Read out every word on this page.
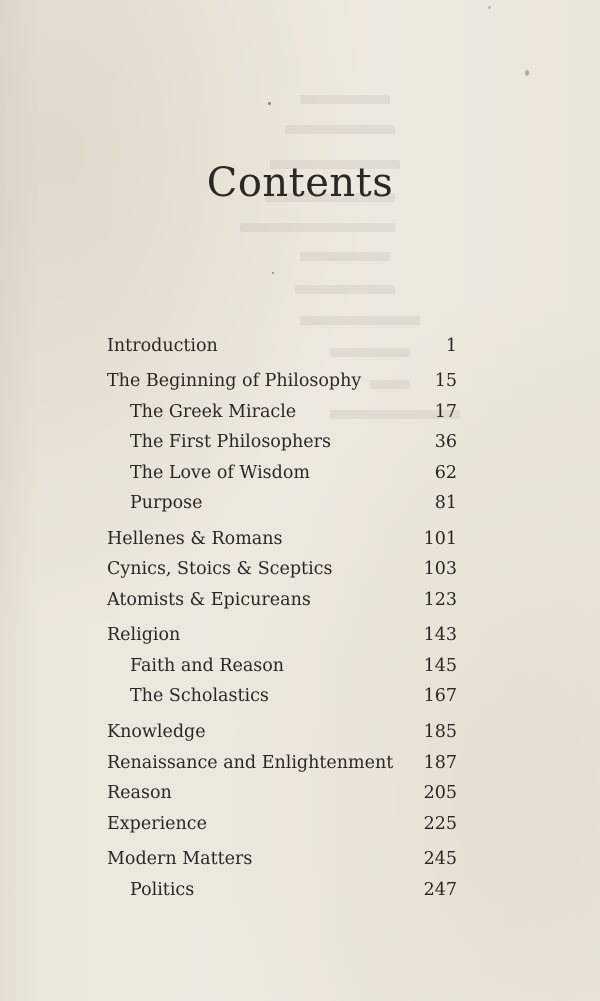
Contents
Introduction	1
The Beginning of Philosophy	15
The Greek Miracle	17
The First Philosophers	36
The Love of Wisdom	62
Purpose	81
Hellenes & Romans	101
Cynics, Stoics & Sceptics	103
Atomists & Epicureans	123
Religion	143
Faith and Reason	145
The Scholastics	167
Knowledge	185
Renaissance and Enlightenment 187
Reason	205
Experience	225
Modern Matters	245
Politics	247
